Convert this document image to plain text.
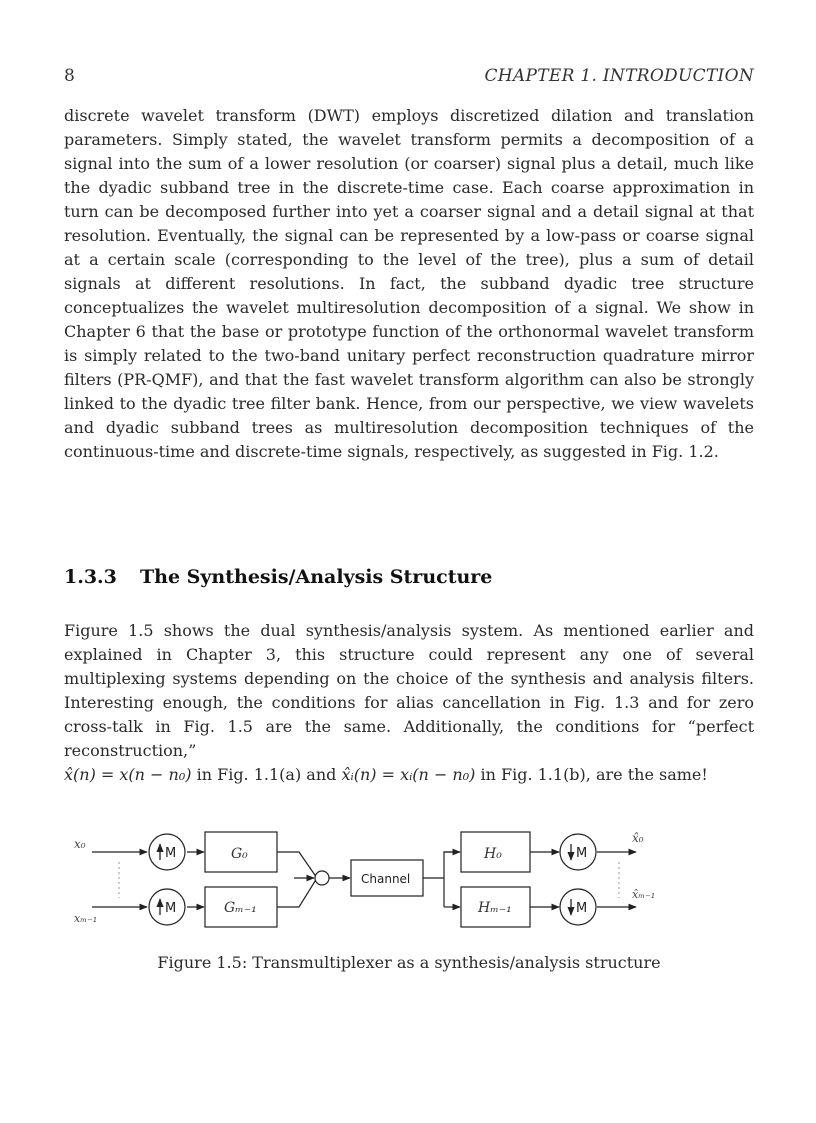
8	CHAPTER 1. INTRODUCTION

discrete wavelet transform (DWT) employs discretized dilation and translation parameters. Simply stated, the wavelet transform permits a decomposition of a signal into the sum of a lower resolution (or coarser) signal plus a detail, much like the dyadic subband tree in the discrete-time case. Each coarse approximation in turn can be decomposed further into yet a coarser signal and a detail signal at that resolution. Eventually, the signal can be represented by a low-pass or coarse signal at a certain scale (corresponding to the level of the tree), plus a sum of detail signals at different resolutions. In fact, the subband dyadic tree structure conceptualizes the wavelet multiresolution decomposition of a signal. We show in Chapter 6 that the base or prototype function of the orthonormal wavelet transform is simply related to the two-band unitary perfect reconstruction quadrature mirror filters (PR-QMF), and that the fast wavelet transform algorithm can also be strongly linked to the dyadic tree filter bank. Hence, from our perspective, we view wavelets and dyadic subband trees as multiresolution decomposition techniques of the continuous-time and discrete-time signals, respectively, as suggested in Fig. 1.2.

1.3.3 The Synthesis/Analysis Structure

Figure 1.5 shows the dual synthesis/analysis system. As mentioned earlier and explained in Chapter 3, this structure could represent any one of several multiplexing systems depending on the choice of the synthesis and analysis filters. Interesting enough, the conditions for alias cancellation in Fig. 1.3 and for zero cross-talk in Fig. 1.5 are the same. Additionally, the conditions for “perfect reconstruction,”
x̂(n) = x(n − n₀) in Fig. 1.1(a) and x̂ᵢ(n) = xᵢ(n − n₀) in Fig. 1.1(b), are the same!

x₀
xₘ₋₁
M
M
G₀
Gₘ₋₁
Channel
H₀
Hₘ₋₁
M
M
x̂₀
x̂ₘ₋₁
Figure 1.5: Transmultiplexer as a synthesis/analysis structure
